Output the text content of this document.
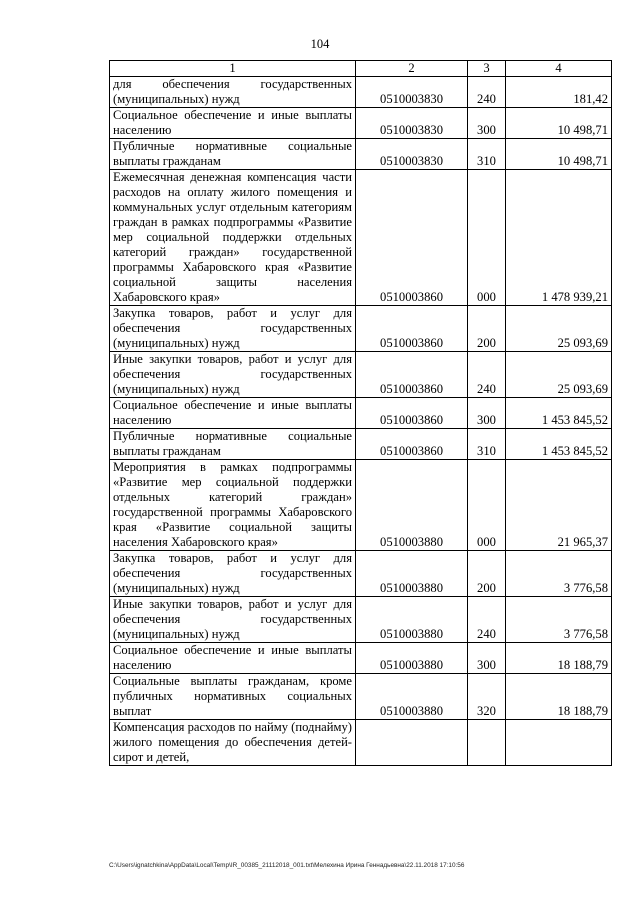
104
1	2	3	4
для обеспечения государственных (муниципальных) нужд	0510003830	240	181,42
Социальное обеспечение и иные выплаты населению	0510003830	300	10 498,71
Публичные нормативные социальные выплаты гражданам	0510003830	310	10 498,71
Ежемесячная денежная компенсация части расходов на оплату жилого помещения и коммунальных услуг отдельным категориям граждан в рамках подпрограммы «Развитие мер социальной поддержки отдельных категорий граждан» государственной программы Хабаровского края «Развитие социальной защиты населения Хабаровского края»	0510003860	000	1 478 939,21
Закупка товаров, работ и услуг для обеспечения государственных (муниципальных) нужд	0510003860	200	25 093,69
Иные закупки товаров, работ и услуг для обеспечения государственных (муниципальных) нужд	0510003860	240	25 093,69
Социальное обеспечение и иные выплаты населению	0510003860	300	1 453 845,52
Публичные нормативные социальные выплаты гражданам	0510003860	310	1 453 845,52
Мероприятия в рамках подпрограммы «Развитие мер социальной поддержки отдельных категорий граждан» государственной программы Хабаровского края «Развитие социальной защиты населения Хабаровского края»	0510003880	000	21 965,37
Закупка товаров, работ и услуг для обеспечения государственных (муниципальных) нужд	0510003880	200	3 776,58
Иные закупки товаров, работ и услуг для обеспечения государственных (муниципальных) нужд	0510003880	240	3 776,58
Социальное обеспечение и иные выплаты населению	0510003880	300	18 188,79
Социальные выплаты гражданам, кроме публичных нормативных социальных выплат	0510003880	320	18 188,79
Компенсация расходов по найму (поднайму) жилого помещения до обеспечения детей-сирот и детей,			
C:\Users\ignatchkina\AppData\Local\Temp\IR_00385_21112018_001.txt\Мелехина Ирина Геннадьевна\22.11.2018 17:10:56
